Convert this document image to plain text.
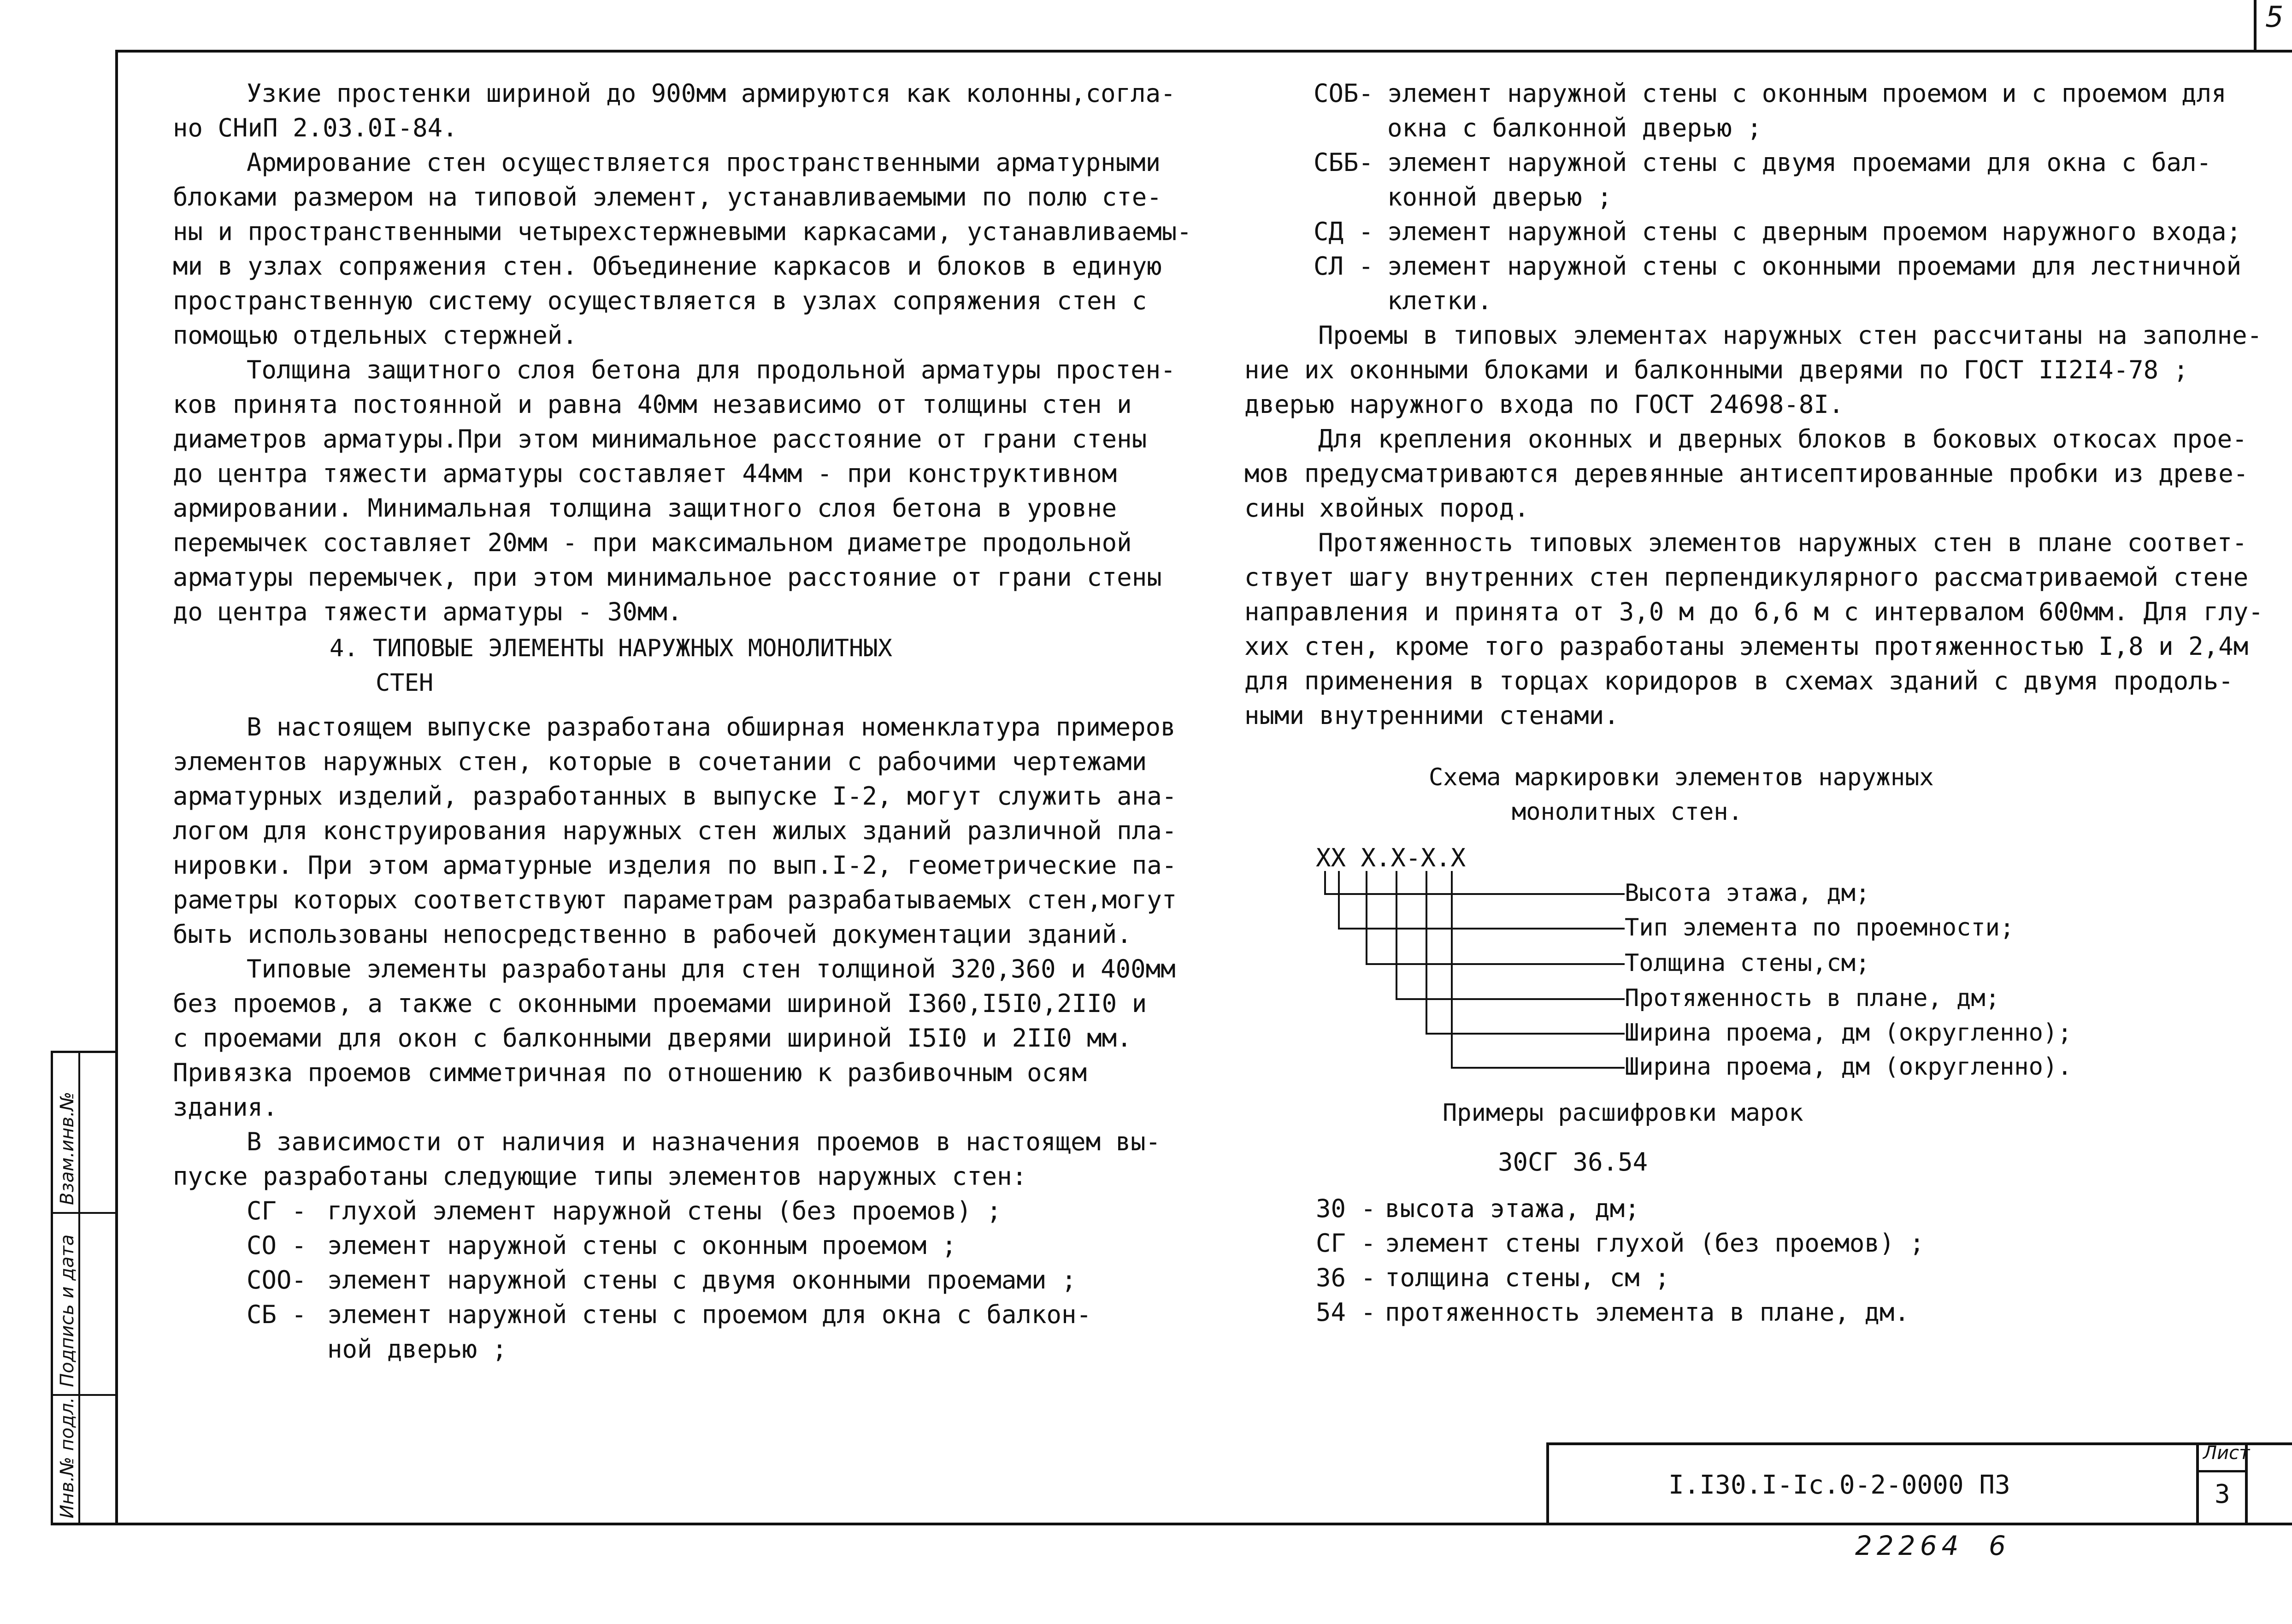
5

Узкие простенки шириной до 900мм армируются как колонны,согла-

но СНиП 2.03.0I-84.

Армирование стен осуществляется пространственными арматурными

блоками размером на типовой элемент, устанавливаемыми по полю сте-

ны и пространственными четырехстержневыми каркасами, устанавливаемы-

ми в узлах сопряжения стен. Объединение каркасов и блоков в единую

пространственную систему осуществляется в узлах сопряжения стен с

помощью отдельных стержней.

Толщина защитного слоя бетона для продольной арматуры простен-

ков принята постоянной и равна 40мм независимо от толщины стен и

диаметров арматуры.При этом минимальное расстояние от грани стены

до центра тяжести арматуры составляет 44мм - при конструктивном

армировании. Минимальная толщина защитного слоя бетона в уровне

перемычек составляет 20мм - при максимальном диаметре продольной

арматуры перемычек, при этом минимальное расстояние от грани стены

до центра тяжести арматуры - 30мм.

4. ТИПОВЫЕ ЭЛЕМЕНТЫ НАРУЖНЫХ МОНОЛИТНЫХ

СТЕН

В настоящем выпуске разработана обширная номенклатура примеров

элементов наружных стен, которые в сочетании с рабочими чертежами

арматурных изделий, разработанных в выпуске I-2, могут служить ана-

логом для конструирования наружных стен жилых зданий различной пла-

нировки. При этом арматурные изделия по вып.I-2, геометрические па-

раметры которых соответствуют параметрам разрабатываемых стен,могут

быть использованы непосредственно в рабочей документации зданий.

Типовые элементы разработаны для стен толщиной 320,360 и 400мм

без проемов, а также с оконными проемами шириной I360,I5I0,2II0 и

с проемами для окон с балконными дверями шириной I5I0 и 2II0 мм.

Привязка проемов симметричная по отношению к разбивочным осям

здания.

В зависимости от наличия и назначения проемов в настоящем вы-

пуске разработаны следующие типы элементов наружных стен:

СГ - глухой элемент наружной стены (без проемов) ;
СО - элемент наружной стены с оконным проемом ;
СОО- элемент наружной стены с двумя оконными проемами ;
СБ - элемент наружной стены с проемом для окна с балкон-
ной дверью ;
СОБ- элемент наружной стены с оконным проемом и с проемом для
окна с балконной дверью ;
СББ- элемент наружной стены с двумя проемами для окна с бал-
конной дверью ;
СД - элемент наружной стены с дверным проемом наружного входа;
СЛ - элемент наружной стены с оконными проемами для лестничной
клетки.

Проемы в типовых элементах наружных стен рассчитаны на заполне-

ние их оконными блоками и балконными дверями по ГОСТ II2I4-78 ;

дверью наружного входа по ГОСТ 24698-8I.

Для крепления оконных и дверных блоков в боковых откосах прое-

мов предусматриваются деревянные антисептированные пробки из древе-

сины хвойных пород.

Протяженность типовых элементов наружных стен в плане соответ-

ствует шагу внутренних стен перпендикулярного рассматриваемой стене

направления и принята от 3,0 м до 6,6 м с интервалом 600мм. Для глу-

хих стен, кроме того разработаны элементы протяженностью I,8 и 2,4м

для применения в торцах коридоров в схемах зданий с двумя продоль-

ными внутренними стенами.

Схема маркировки элементов наружных

монолитных стен.

XX X.X-X.X
Высота этажа, дм;
Тип элемента по проемности;
Толщина стены,см;
Протяженность в плане, дм;
Ширина проема, дм (округленно);
Ширина проема, дм (округленно).
Примеры расшифровки марок
30СГ 36.54
30 - высота этажа, дм;
СГ - элемент стены глухой (без проемов) ;
36 - толщина стены, см ;
54 - протяженность элемента в плане, дм.
I.I30.I-Ic.0-2-0000 ПЗ
Лист
3
22264 6
Взам.инв.№
Подпись и дата
Инв.№ подл.
